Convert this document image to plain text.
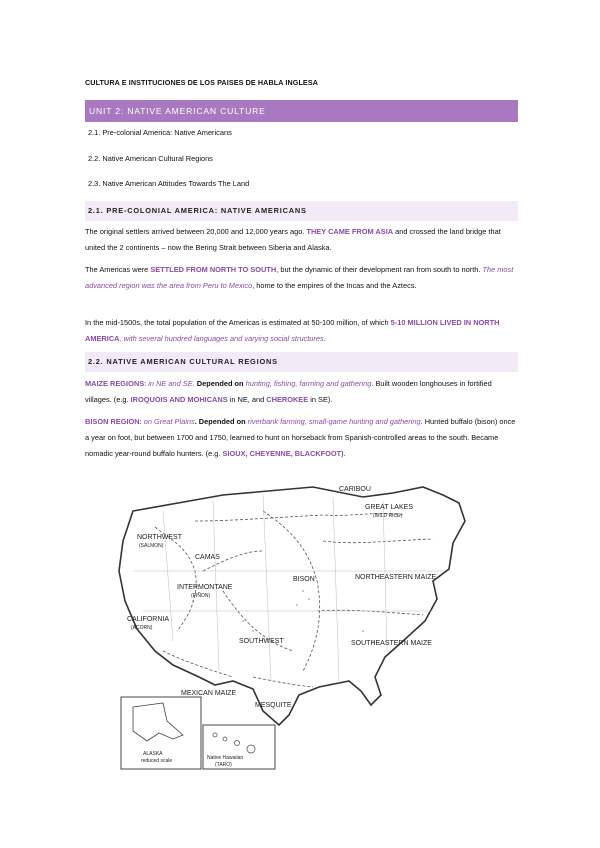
CULTURA E INSTITUCIONES DE LOS PAISES DE HABLA INGLESA
UNIT 2: NATIVE AMERICAN CULTURE
2.1. Pre-colonial America: Native Americans
2.2. Native American Cultural Regions
2.3. Native American Attitudes Towards The Land
2.1. PRE-COLONIAL AMERICA: NATIVE AMERICANS
The original settlers arrived between 20,000 and 12,000 years ago. THEY CAME FROM ASIA and crossed the land bridge that united the 2 continents – now the Bering Strait between Siberia and Alaska.
The Americas were SETTLED FROM NORTH TO SOUTH, but the dynamic of their development ran from south to north. The most advanced region was the area from Peru to Mexico, home to the empires of the Incas and the Aztecs.
In the mid-1500s, the total population of the Americas is estimated at 50-100 million, of which 5-10 MILLION LIVED IN NORTH AMERICA, with several hundred languages and varying social structures.
2.2. NATIVE AMERICAN CULTURAL REGIONS
MAIZE REGIONS: in NE and SE. Depended on hunting, fishing, farming and gathering. Built wooden longhouses in fortified villages. (e.g. IROQUOIS AND MOHICANS in NE, and CHEROKEE in SE).
BISON REGION: on Great Plains. Depended on riverbank farming, small-game hunting and gathering. Hunted buffalo (bison) once a year on foot, but between 1700 and 1750, learned to hunt on horseback from Spanish-controlled areas to the south. Became nomadic year-round buffalo hunters. (e.g. SIOUX, CHEYENNE, BLACKFOOT).
CARIBOU
GREAT LAKES
(WILD RICE)
NORTHWEST
(SALMON)
CAMAS
BISON	NORTHEASTERN MAIZE
INTERMONTANE
(PIÑON)
CALIFORNIA
(ACORN)
SOUTHWEST	SOUTHEASTERN MAIZE
MEXICAN MAIZE
MESQUITE
ALASKA
reduced scale	Native Hawaiian
(TARO)
